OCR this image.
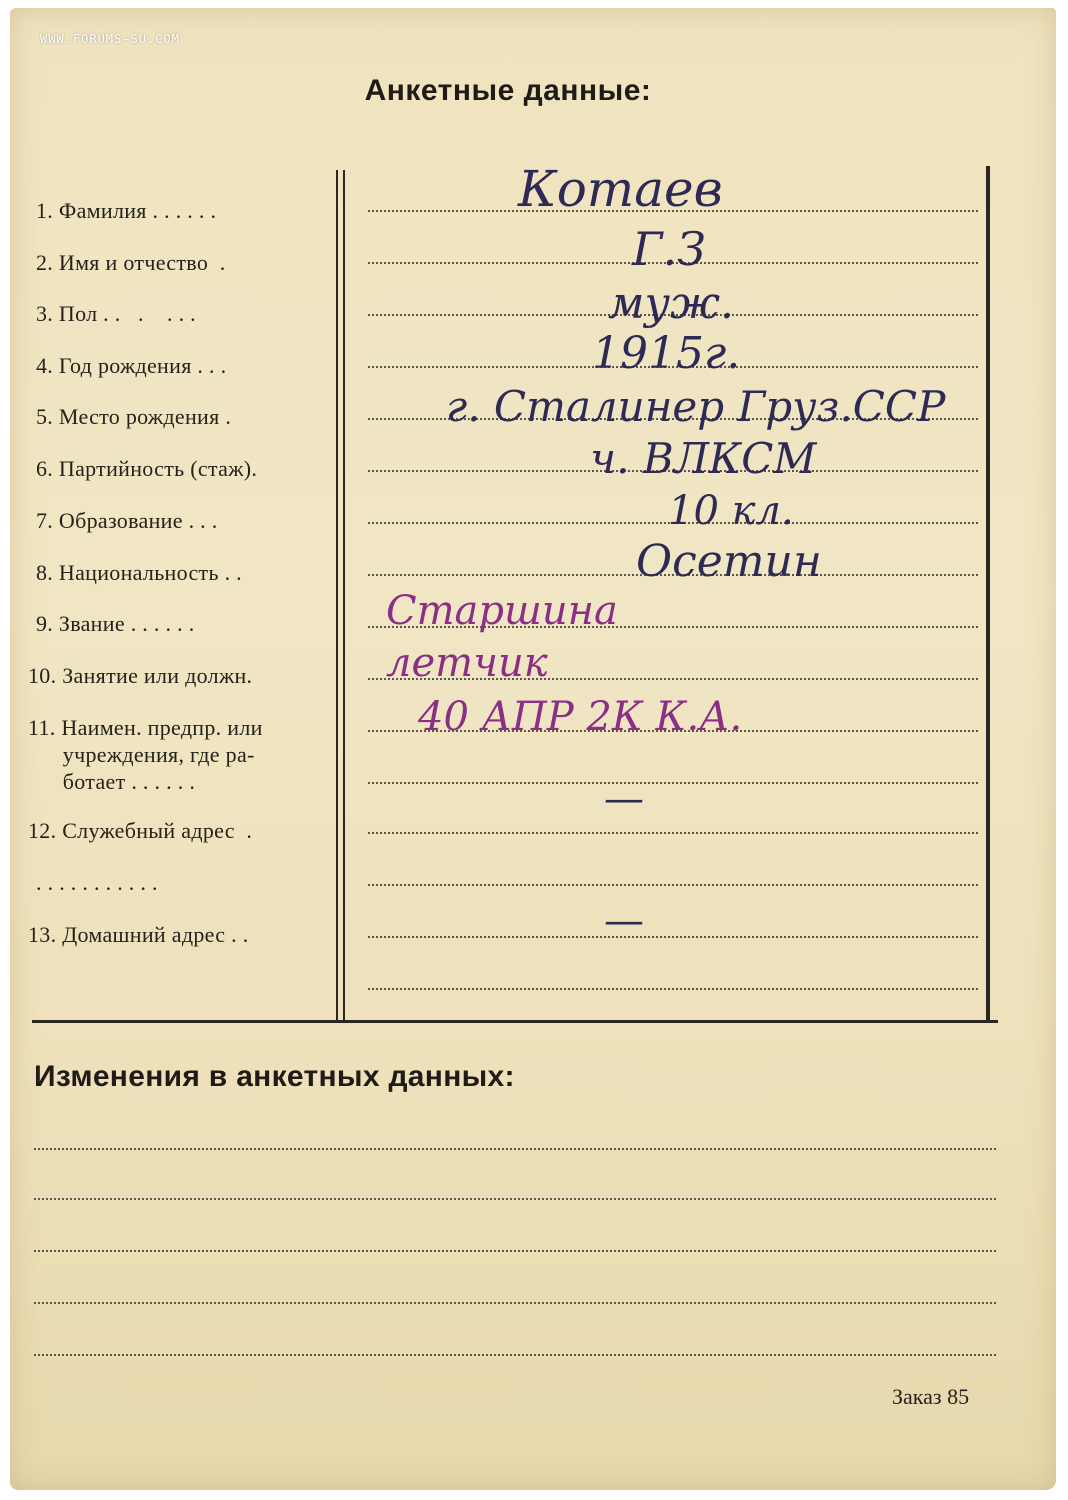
WWW.FORUMS-SU.COM
Анкетные данные:
1. Фамилия . . . . . .
2. Имя и отчество  .
3. Пол . .   .    . . .
4. Год рождения . . .
5. Место рождения .
6. Партийность (стаж).
7. Образование . . .
8. Национальность . .
9. Звание . . . . . .
10. Занятие или должн.
11. Наимен. предпр. или
учреждения, где ра-
ботает . . . . . .
12. Служебный адрес  .
. . . . . . . . . . .
13. Домашний адрес . .
Котаев
Г.З
муж.
1915г.
г. Сталинер Груз.ССР
ч. ВЛКСМ
10 кл.
Осетин
Старшина
летчик
40 АПР 2К К.А.
—
—
Изменения в анкетных данных:
Заказ 85
